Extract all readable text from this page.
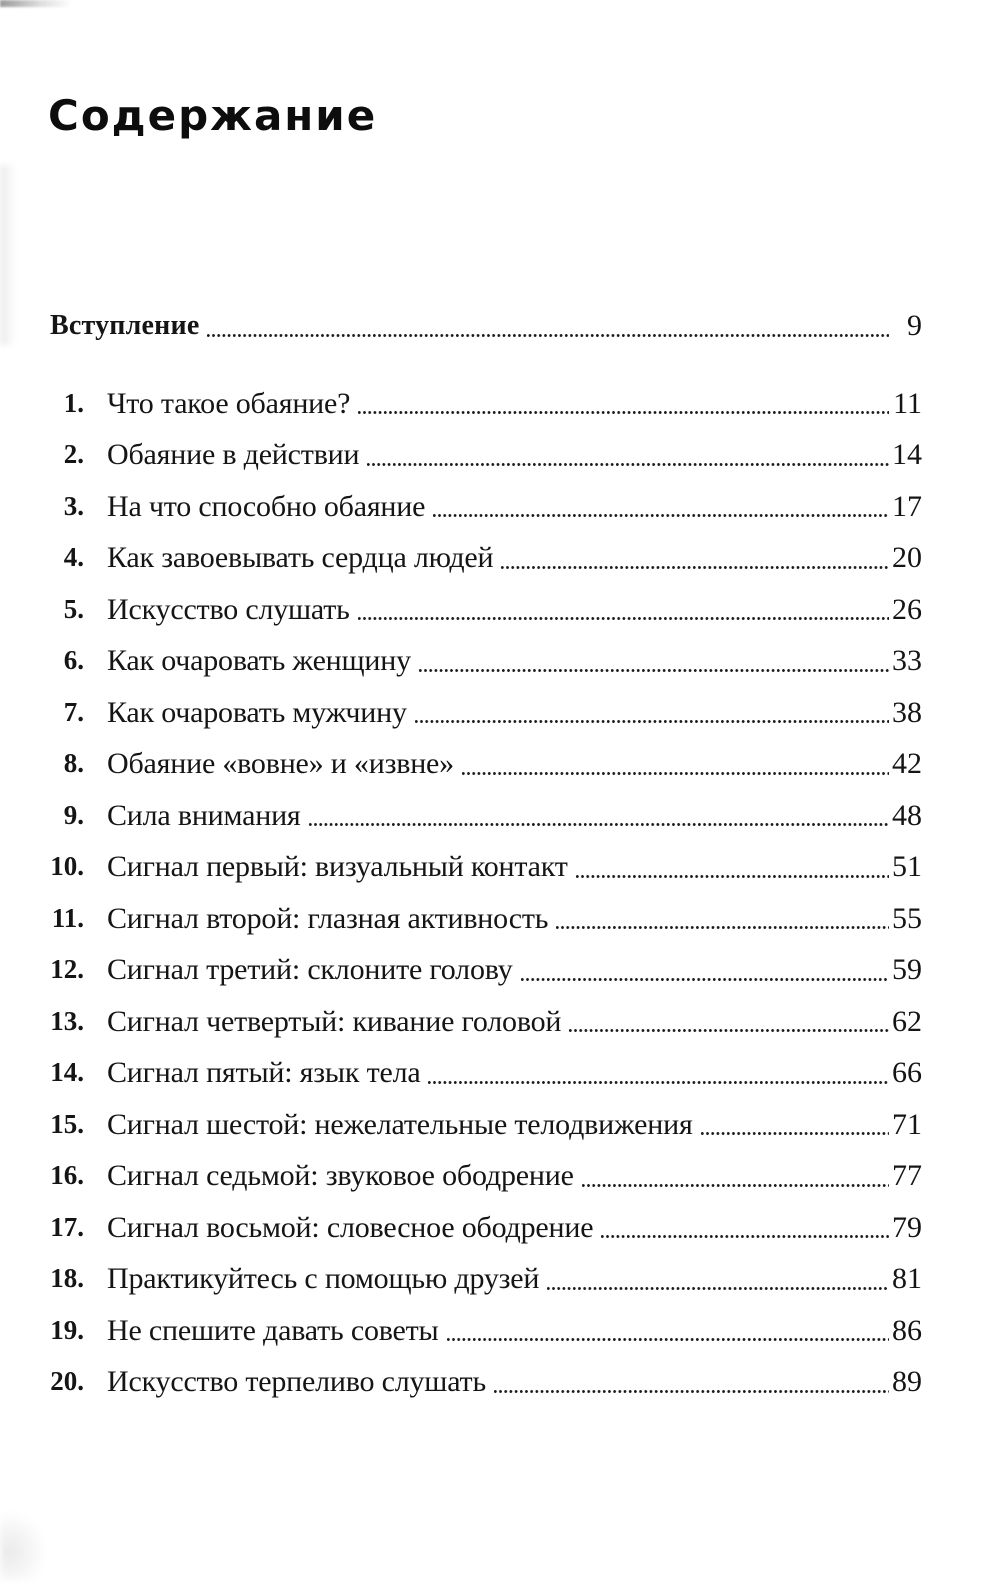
Содержание
Вступление	9
1. Что такое обаяние?	11
2. Обаяние в действии	14
3. На что способно обаяние	17
4. Как завоевывать сердца людей	20
5. Искусство слушать	26
6. Как очаровать женщину	33
7. Как очаровать мужчину	38
8. Обаяние «вовне» и «извне»	42
9. Сила внимания	48
10. Сигнал первый: визуальный контакт	51
11. Сигнал второй: глазная активность	55
12. Сигнал третий: склоните голову	59
13. Сигнал четвертый: кивание головой	62
14. Сигнал пятый: язык тела	66
15. Сигнал шестой: нежелательные телодвижения	71
16. Сигнал седьмой: звуковое ободрение	77
17. Сигнал восьмой: словесное ободрение	79
18. Практикуйтесь с помощью друзей	81
19. Не спешите давать советы	86
20. Искусство терпеливо слушать	89
